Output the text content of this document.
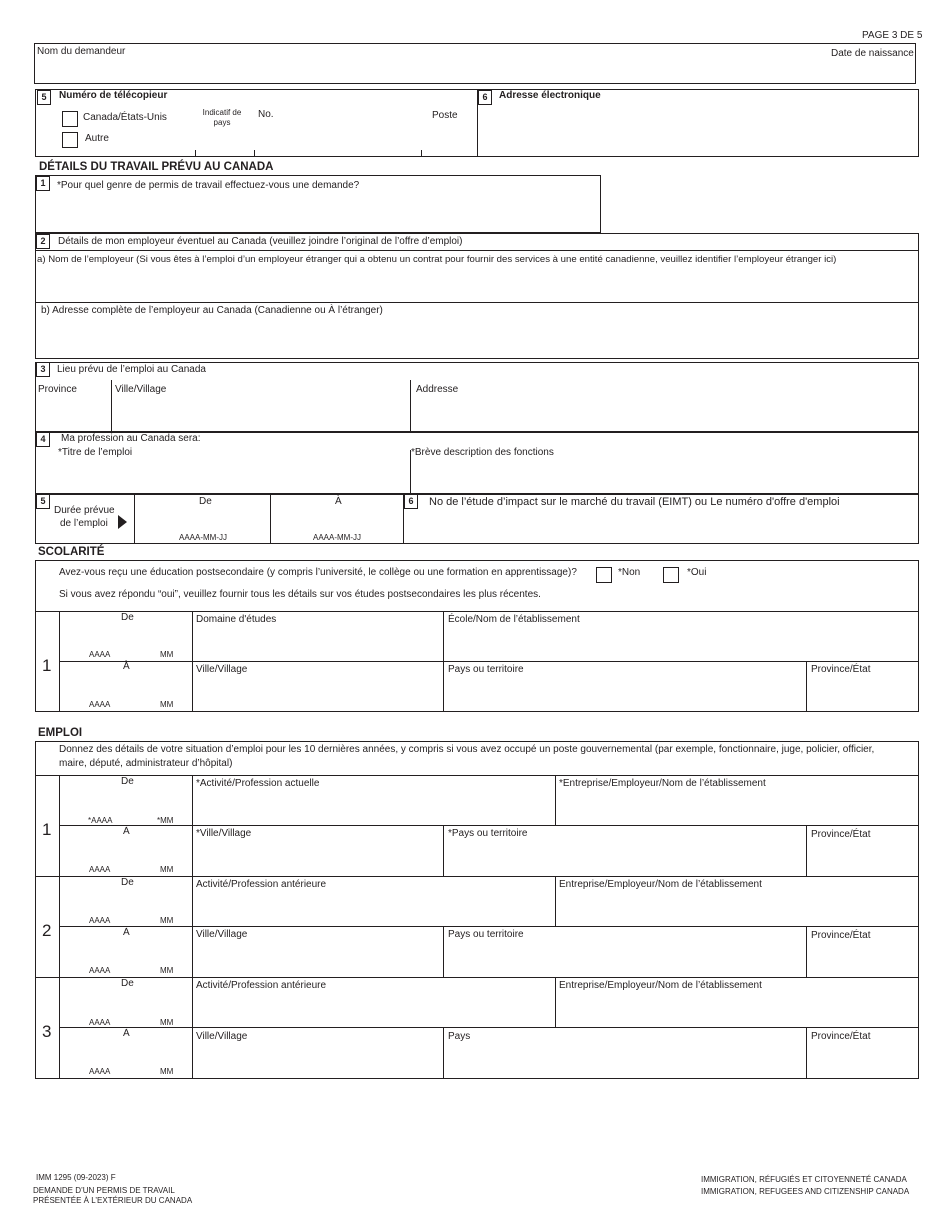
PAGE 3 DE 5
Nom du demandeur	Date de naissance
5	Numéro de télécopieur
Indicatif de pays
No.	Poste
Canada/États-Unis
Autre
6	Adresse électronique
DÉTAILS DU TRAVAIL PRÉVU AU CANADA
1	*Pour quel genre de permis de travail effectuez-vous une demande?
2	Détails de mon employeur éventuel au Canada (veuillez joindre l’original de l’offre d’emploi)
a) Nom de l’employeur (Si vous êtes à l’emploi d’un employeur étranger qui a obtenu un contrat pour fournir des services à une entité canadienne, veuillez identifier l’employeur étranger ici)
b) Adresse complète de l’employeur au Canada (Canadienne ou À l’étranger)
3	Lieu prévu de l’emploi au Canada
Province	Ville/Village	Addresse
4	Ma profession au Canada sera:
*Titre de l’emploi	*Brève description des fonctions
5
Durée prévue
de l’emploi
De	À
AAAA-MM-JJ	AAAA-MM-JJ
6	No de l’étude d’impact sur le marché du travail (EIMT) ou Le numéro d'offre d'emploi
SCOLARITÉ
Avez-vous reçu une éducation postsecondaire (y compris l’université, le collège ou une formation en apprentissage)?	*Non	*Oui
Si vous avez répondu “oui”, veuillez fournir tous les détails sur vos études postsecondaires les plus récentes.
1
De
AAAA	MM
À
AAAA	MM
Domaine d'études	École/Nom de l’établissement
Ville/Village	Pays ou territoire	Province/État
EMPLOI
Donnez des détails de votre situation d’emploi pour les 10 dernières années, y compris si vous avez occupé un poste gouvernemental (par exemple, fonctionnaire, juge, policier, officier,
maire, député, administrateur d’hôpital)
1
De
*AAAA	*MM
À
AAAA	MM
*Activité/Profession actuelle	*Entreprise/Employeur/Nom de l’établissement
*Ville/Village	*Pays ou territoire	Province/État
2
De
AAAA	MM
À
AAAA	MM
Activité/Profession antérieure	Entreprise/Employeur/Nom de l’établissement
Ville/Village	Pays ou territoire	Province/État
3
De
AAAA	MM
À
AAAA	MM
Activité/Profession antérieure	Entreprise/Employeur/Nom de l’établissement
Ville/Village	Pays	Province/État
IMM 1295 (09-2023) F
DEMANDE D’UN PERMIS DE TRAVAIL
PRÉSENTÉE À L’EXTÉRIEUR DU CANADA
IMMIGRATION, RÉFUGIÉS ET CITOYENNETÉ CANADA
IMMIGRATION, REFUGEES AND CITIZENSHIP CANADA
